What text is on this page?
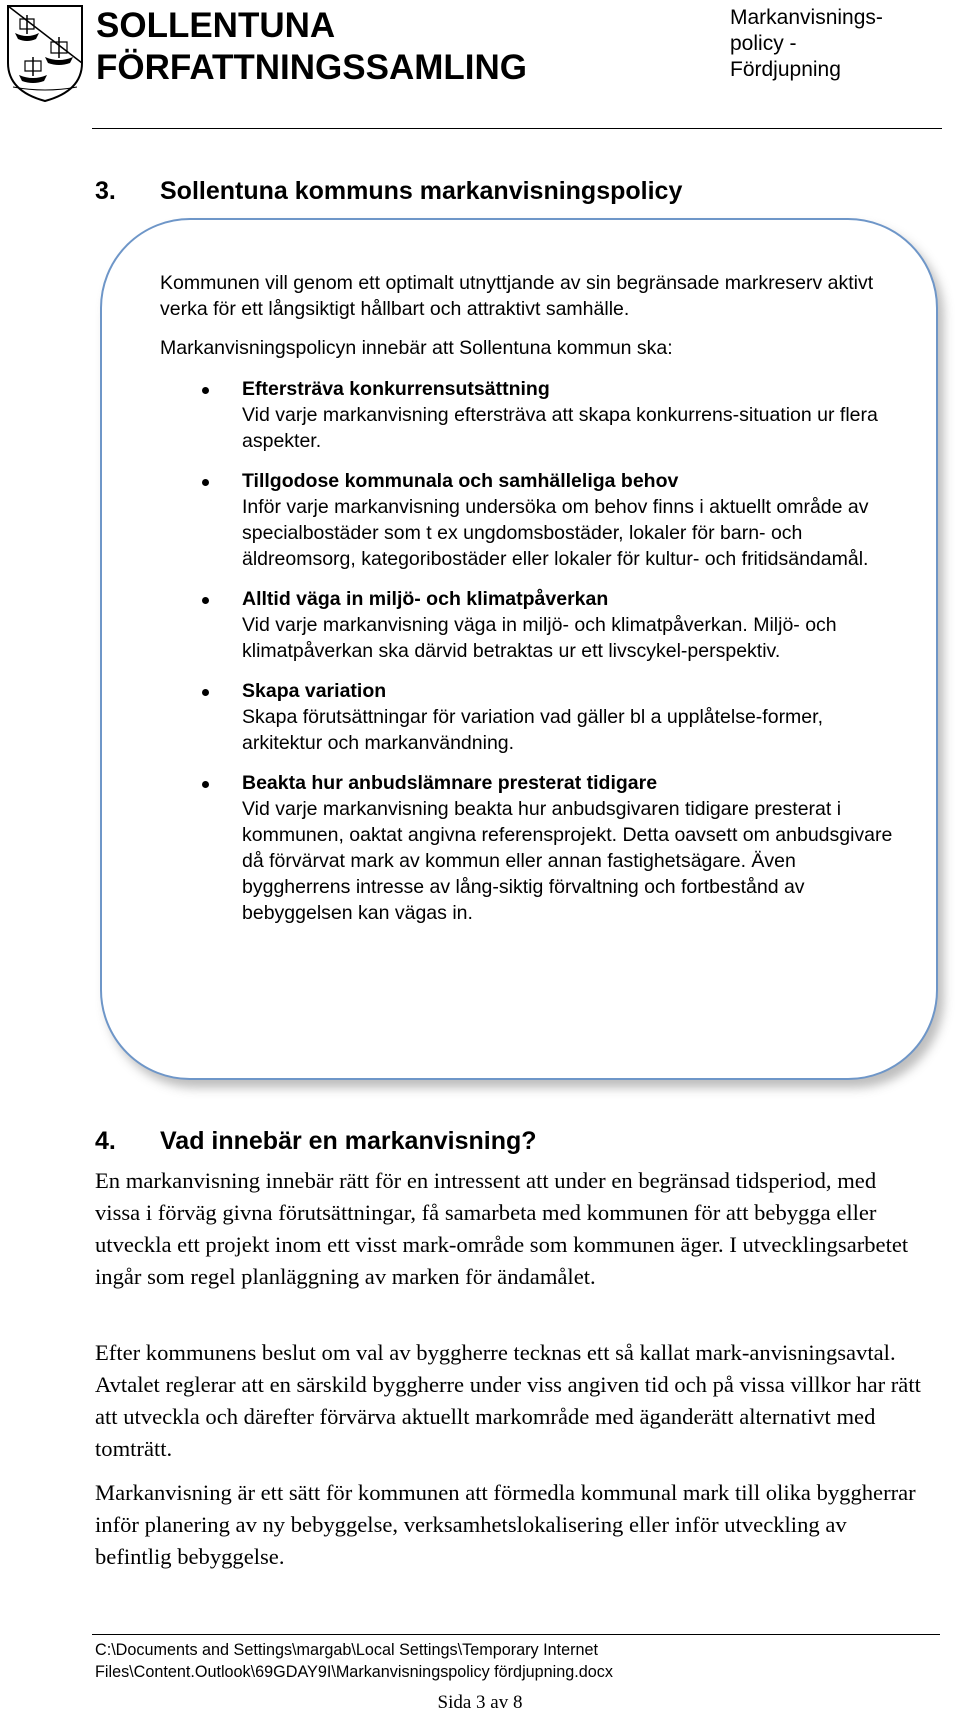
SOLLENTUNA
FÖRFATTNINGSSAMLING
Markanvisnings-
policy -
Fördjupning
3. Sollentuna kommuns markanvisningspolicy

Kommunen vill genom ett optimalt utnyttjande av sin begränsade markreserv aktivt verka för ett långsiktigt hållbart och attraktivt samhälle.

Markanvisningspolicyn innebär att Sollentuna kommun ska:

Eftersträva konkurrensutsättning
Vid varje markanvisning eftersträva att skapa konkurrens-situation ur flera aspekter.
Tillgodose kommunala och samhälleliga behov
Inför varje markanvisning undersöka om behov finns i aktuellt område av specialbostäder som t ex ungdomsbostäder, lokaler för barn- och äldreomsorg, kategoribostäder eller lokaler för kultur- och fritidsändamål.
Alltid väga in miljö- och klimatpåverkan
Vid varje markanvisning väga in miljö- och klimatpåverkan. Miljö- och klimatpåverkan ska därvid betraktas ur ett livscykel-perspektiv.
Skapa variation
Skapa förutsättningar för variation vad gäller bl a upplåtelse-former, arkitektur och markanvändning.
Beakta hur anbudslämnare presterat tidigare
Vid varje markanvisning beakta hur anbudsgivaren tidigare presterat i kommunen, oaktat angivna referensprojekt. Detta oavsett om anbudsgivare då förvärvat mark av kommun eller annan fastighetsägare. Även byggherrens intresse av lång-siktig förvaltning och fortbestånd av bebyggelsen kan vägas in.
4. Vad innebär en markanvisning?

En markanvisning innebär rätt för en intressent att under en begränsad tidsperiod, med vissa i förväg givna förutsättningar, få samarbeta med kommunen för att bebygga eller utveckla ett projekt inom ett visst mark-område som kommunen äger. I utvecklingsarbetet ingår som regel planläggning av marken för ändamålet.

Efter kommunens beslut om val av byggherre tecknas ett så kallat mark-anvisningsavtal. Avtalet reglerar att en särskild byggherre under viss angiven tid och på vissa villkor har rätt att utveckla och därefter förvärva aktuellt markområde med äganderätt alternativt med tomträtt.

Markanvisning är ett sätt för kommunen att förmedla kommunal mark till olika byggherrar inför planering av ny bebyggelse, verksamhetslokalisering eller inför utveckling av befintlig bebyggelse.

C:\Documents and Settings\margab\Local Settings\Temporary Internet
Files\Content.Outlook\69GDAY9I\Markanvisningspolicy fördjupning.docx
Sida 3 av 8
